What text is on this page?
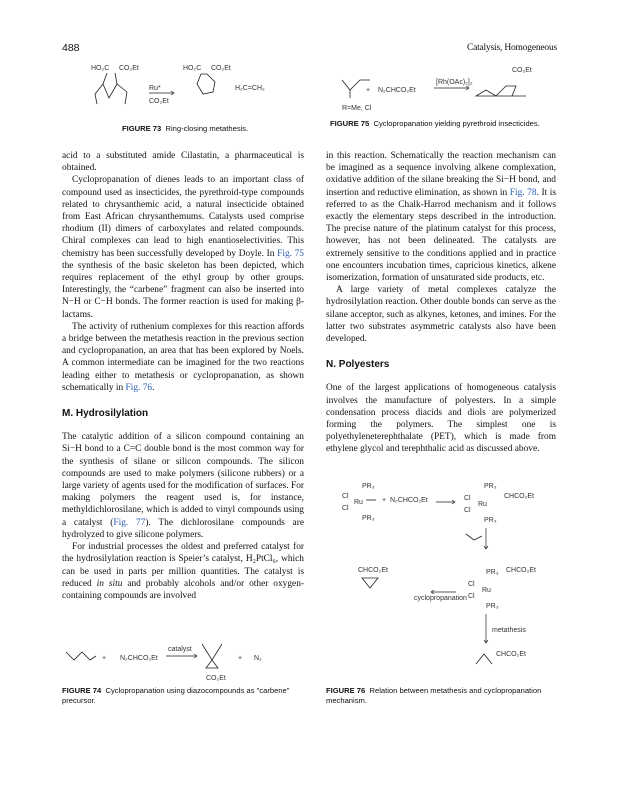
488	Catalysis, Homogeneous
HO₂C CO₂Et
Ru*
CO₂Et
HO₂C CO₂Et
H₂C=CH₂
FIGURE 73 Ring-closing metathesis.
+ N₂CHCO₂Et
[Rh(OAc)₂]₂
CO₂Et
R=Me, Cl
FIGURE 75 Cyclopropanation yielding pyrethroid insecticides.

acid to a substituted amide Cilastatin, a pharmaceutical is obtained.

Cyclopropanation of dienes leads to an important class of compound used as insecticides, the pyrethroid-type compounds related to chrysanthemic acid, a natural insecticide obtained from East African chrysanthemums. Catalysts used comprise rhodium (II) dimers of carboxylates and related compounds. Chiral complexes can lead to high enantioselectivities. This chemistry has been successfully developed by Doyle. In Fig. 75 the synthesis of the basic skeleton has been depicted, which requires replacement of the ethyl group by other groups. Interestingly, the “carbene” fragment can also be inserted into N−H or C−H bonds. The former reaction is used for making β-lactams.

The activity of ruthenium complexes for this reaction affords a bridge between the metathesis reaction in the previous section and cyclopropanation, an area that has been explored by Noels. A common intermediate can be imagined for the two reactions leading either to metathesis or cyclopropanation, as shown schematically in Fig. 76.

M. Hydrosilylation

The catalytic addition of a silicon compound containing an Si−H bond to a C=C double bond is the most common way for the synthesis of silane or silicon compounds. The silicon compounds are used to make polymers (silicone rubbers) or a large variety of agents used for the modification of surfaces. For making polymers the reagent used is, for instance, methyldichlorosilane, which is added to vinyl compounds using a catalyst (Fig. 77). The dichlorosilane compounds are hydrolyzed to give silicone polymers.

For industrial processes the oldest and preferred catalyst for the hydrosilylation reaction is Speier’s catalyst, H₂PtCl₆, which can be used in parts per million quantities. The catalyst is reduced in situ and probably alcohols and/or other oxygen-containing compounds are involved

in this reaction. Schematically the reaction mechanism can be imagined as a sequence involving alkene complexation, oxidative addition of the silane breaking the Si−H bond, and insertion and reductive elimination, as shown in Fig. 78. It is referred to as the Chalk-Harrod mechanism and it follows exactly the elementary steps described in the introduction. The precise nature of the platinum catalyst for this process, however, has not been delineated. The catalysts are extremely sensitive to the conditions applied and in practice one encounters incubation times, capricious kinetics, alkene isomerization, formation of unsaturated side products, etc.

A large variety of metal complexes catalyze the hydrosilylation reaction. Other double bonds can serve as the silane acceptor, such as alkynes, ketones, and imines. For the latter two substrates asymmetric catalysts also have been developed.

N. Polyesters

One of the largest applications of homogeneous catalysis involves the manufacture of polyesters. In a simple condensation process diacids and diols are polymerized forming the polymers. The simplest one is polyethyleneterephthalate (PET), which is made from ethylene glycol and terephthalic acid as discussed above.

PR₃
Cl
Cl
Ru
PR₃
+ N₂CHCO₂Et
PR₃
CHCO₂Et
Cl
Cl
Ru
PR₃
CHCO₂Et
cyclopropanation
PR₃ CHCO₂Et
Cl
Cl
Ru
PR₃
metathesis
CHCO₂Et
FIGURE 76 Relation between metathesis and cyclopropanation mechanism.
+ N₂CHCO₂Et
catalyst
+ N₂
CO₂Et
FIGURE 74 Cyclopropanation using diazocompounds as "carbene" precursor.
